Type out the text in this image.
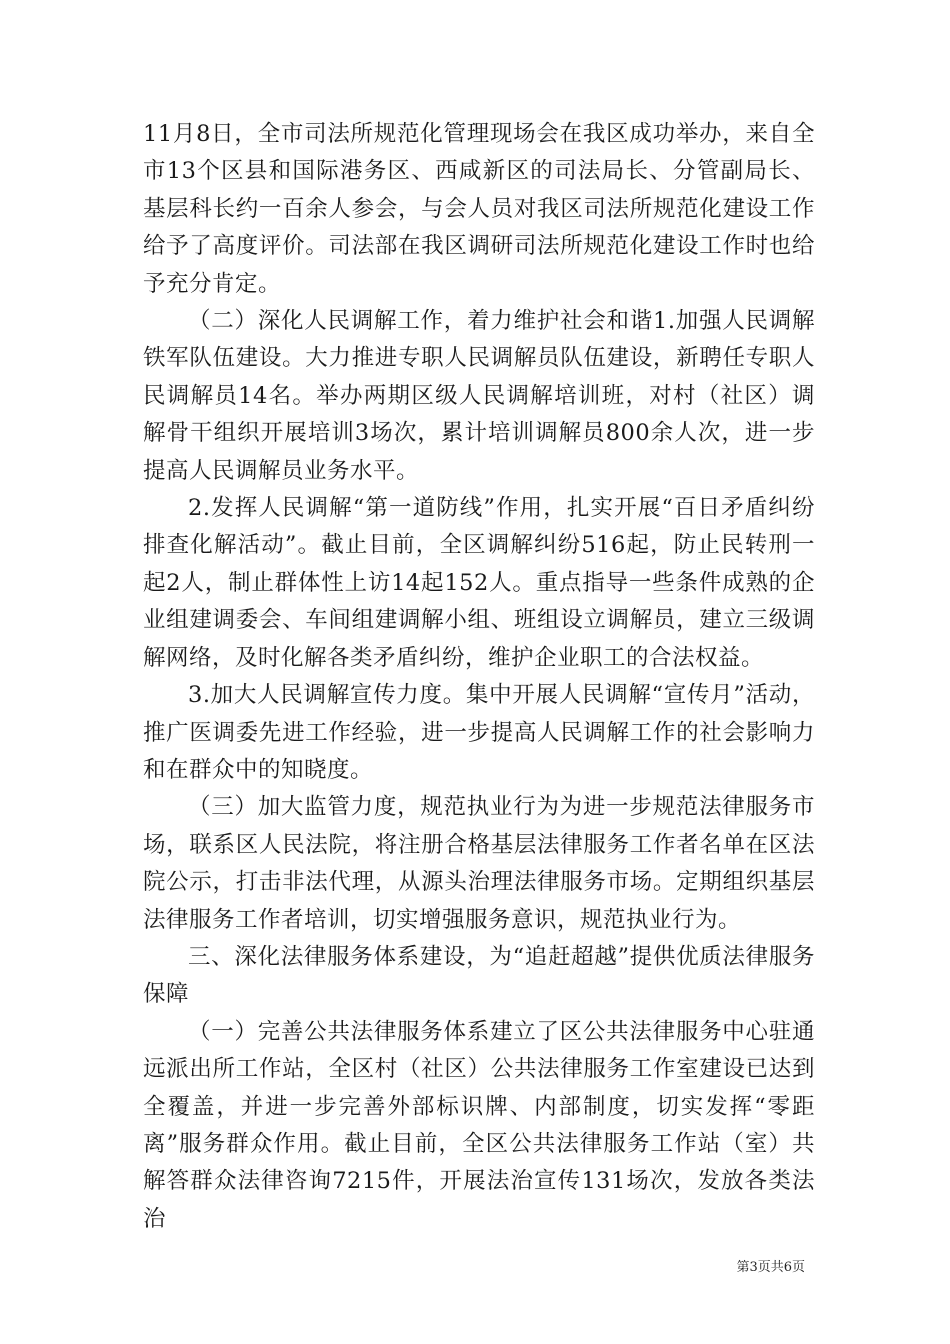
11月8日，全市司法所规范化管理现场会在我区成功举办，来自全市13个区县和国际港务区、西咸新区的司法局长、分管副局长、基层科长约一百余人参会，与会人员对我区司法所规范化建设工作给予了高度评价。司法部在我区调研司法所规范化建设工作时也给予充分肯定。

（二）深化人民调解工作，着力维护社会和谐1.加强人民调解铁军队伍建设。大力推进专职人民调解员队伍建设，新聘任专职人民调解员14名。举办两期区级人民调解培训班，对村（社区）调解骨干组织开展培训3场次，累计培训调解员800余人次，进一步提高人民调解员业务水平。

2.发挥人民调解“第一道防线”作用，扎实开展“百日矛盾纠纷排查化解活动”。截止目前，全区调解纠纷516起，防止民转刑一起2人，制止群体性上访14起152人。重点指导一些条件成熟的企业组建调委会、车间组建调解小组、班组设立调解员，建立三级调解网络，及时化解各类矛盾纠纷，维护企业职工的合法权益。

3.加大人民调解宣传力度。集中开展人民调解“宣传月”活动，推广医调委先进工作经验，进一步提高人民调解工作的社会影响力和在群众中的知晓度。

（三）加大监管力度，规范执业行为为进一步规范法律服务市场，联系区人民法院，将注册合格基层法律服务工作者名单在区法院公示，打击非法代理，从源头治理法律服务市场。定期组织基层法律服务工作者培训，切实增强服务意识，规范执业行为。

三、深化法律服务体系建设，为“追赶超越”提供优质法律服务保障

（一）完善公共法律服务体系建立了区公共法律服务中心驻通远派出所工作站，全区村（社区）公共法律服务工作室建设已达到全覆盖，并进一步完善外部标识牌、内部制度，切实发挥“零距离”服务群众作用。截止目前，全区公共法律服务工作站（室）共解答群众法律咨询7215件，开展法治宣传131场次，发放各类法治

第3页共6页
